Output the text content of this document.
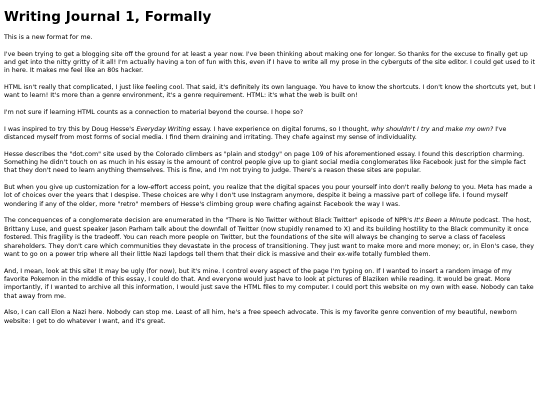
Writing Journal 1, Formally

This is a new format for me.

I've been trying to get a blogging site off the ground for at least a year now. I've been thinking about making one for longer. So thanks for the excuse to finally get up and get into the nitty gritty of it all! I'm actually having a ton of fun with this, even if I have to write all my prose in the cyberguts of the site editor. I could get used to it in here. It makes me feel like an 80s hacker.

HTML isn't really that complicated, I just like feeling cool. That said, it's definitely its own language. You have to know the shortcuts. I don't know the shortcuts yet, but I want to learn! It's more than a genre environment, it's a genre requirement. HTML: it's what the web is built on!

I'm not sure if learning HTML counts as a connection to material beyond the course. I hope so?

I was inspired to try this by Doug Hesse's Everyday Writing essay. I have experience on digital forums, so I thought, why shouldn't I try and make my own? I've distanced myself from most forms of social media. I find them draining and irritating. They chafe against my sense of individuality.

Hesse describes the "dot.com" site used by the Colorado climbers as "plain and stodgy" on page 109 of his aforementioned essay. I found this description charming. Something he didn't touch on as much in his essay is the amount of control people give up to giant social media conglomerates like Facebook just for the simple fact that they don't need to learn anything themselves. This is fine, and I'm not trying to judge. There's a reason these sites are popular.

But when you give up customization for a low-effort access point, you realize that the digital spaces you pour yourself into don't really belong to you. Meta has made a lot of choices over the years that I despise. These choices are why I don't use Instagram anymore, despite it being a massive part of college life. I found myself wondering if any of the older, more "retro" members of Hesse's climbing group were chafing against Facebook the way I was.

The concequences of a conglomerate decision are enumerated in the "There is No Twitter without Black Twitter" episode of NPR's It's Been a Minute podcast. The host, Brittany Luse, and guest speaker Jason Parham talk about the downfall of Twitter (now stupidly renamed to X) and its building hostility to the Black community it once fostered. This fragility is the tradeoff. You can reach more people on Twitter, but the foundations of the site will always be changing to serve a class of faceless shareholders. They don't care which communities they devastate in the process of transitioning. They just want to make more and more money; or, in Elon's case, they want to go on a power trip where all their little Nazi lapdogs tell them that their dick is massive and their ex-wife totally fumbled them.

And, I mean, look at this site! It may be ugly (for now), but it's mine. I control every aspect of the page I'm typing on. If I wanted to insert a random image of my favorite Pokemon in the middle of this essay, I could do that. And everyone would just have to look at pictures of Blaziken while reading. It would be great. More importantly, if I wanted to archive all this information, I would just save the HTML files to my computer. I could port this website on my own with ease. Nobody can take that away from me.

Also, I can call Elon a Nazi here. Nobody can stop me. Least of all him, he's a free speech advocate. This is my favorite genre convention of my beautiful, newborn website: I get to do whatever I want, and it's great.
